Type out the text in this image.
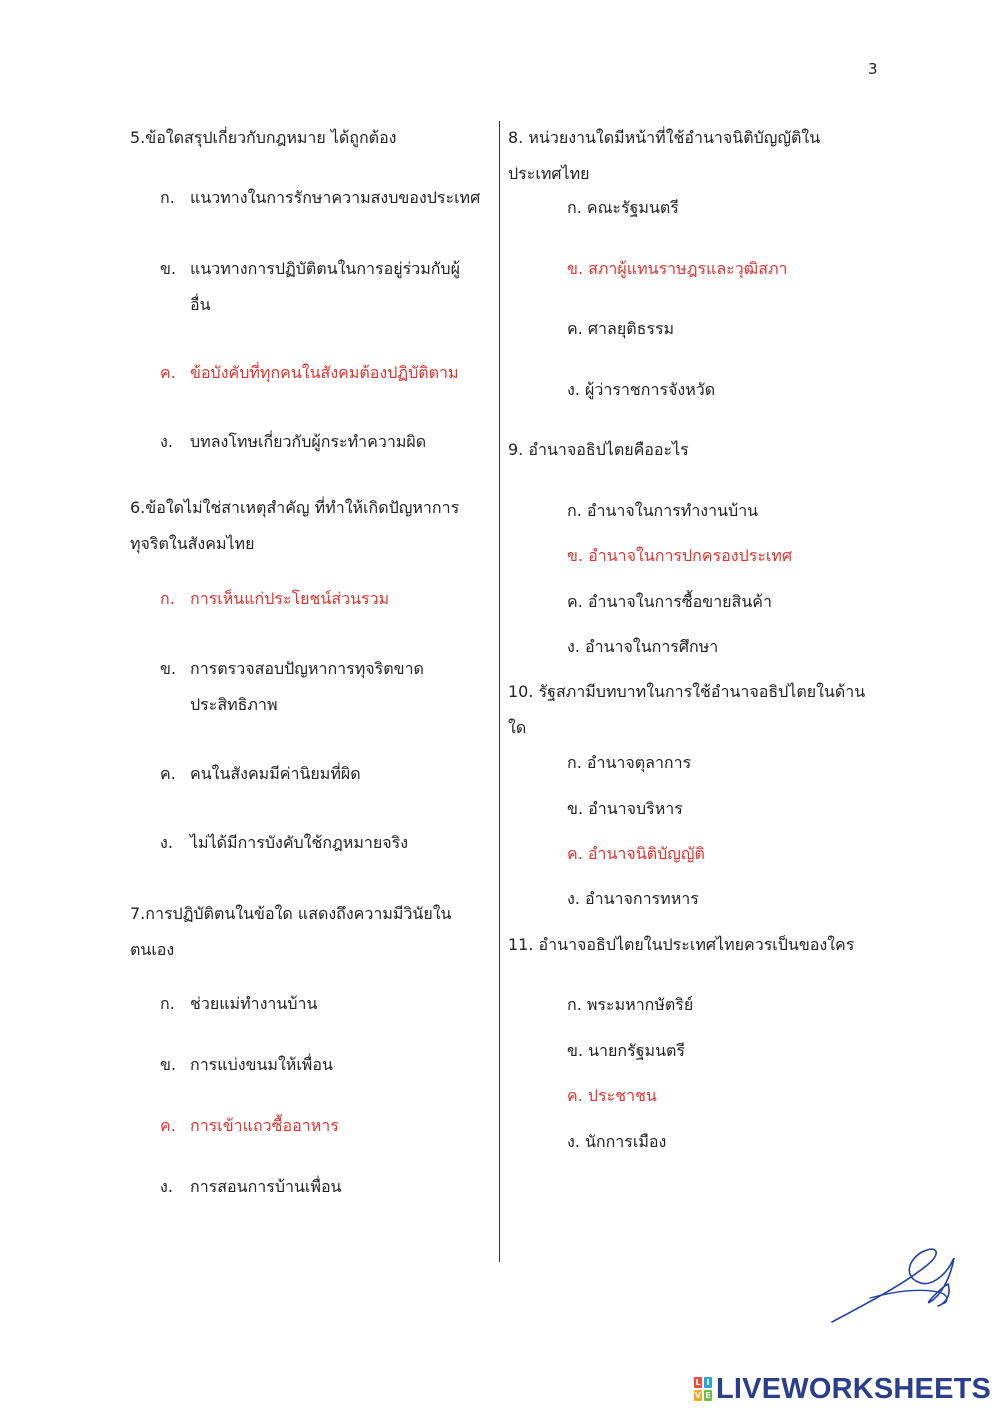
3
5.ข้อใดสรุปเกี่ยวกับกฎหมาย ได้ถูกต้อง
ก. แนวทางในการรักษาความสงบของประเทศ
ข. แนวทางการปฏิบัติตนในการอยู่ร่วมกับผู้อื่น
ค. ข้อบังคับที่ทุกคนในสังคมต้องปฏิบัติตาม
ง. บทลงโทษเกี่ยวกับผู้กระทำความผิด
6.ข้อใดไม่ใช่สาเหตุสำคัญ ที่ทำให้เกิดปัญหาการทุจริตในสังคมไทย
ก. การเห็นแก่ประโยชน์ส่วนรวม
ข. การตรวจสอบปัญหาการทุจริตขาดประสิทธิภาพ
ค. คนในสังคมมีค่านิยมที่ผิด
ง. ไม่ได้มีการบังคับใช้กฎหมายจริง
7.การปฏิบัติตนในข้อใด แสดงถึงความมีวินัยในตนเอง
ก. ช่วยแม่ทำงานบ้าน
ข. การแบ่งขนมให้เพื่อน
ค. การเข้าแถวซื้ออาหาร
ง. การสอนการบ้านเพื่อน
8. หน่วยงานใดมีหน้าที่ใช้อำนาจนิติบัญญัติในประเทศไทย
ก. คณะรัฐมนตรี
ข. สภาผู้แทนราษฎรและวุฒิสภา
ค. ศาลยุติธรรม
ง. ผู้ว่าราชการจังหวัด
9. อำนาจอธิปไตยคืออะไร
ก. อำนาจในการทำงานบ้าน
ข. อำนาจในการปกครองประเทศ
ค. อำนาจในการซื้อขายสินค้า
ง. อำนาจในการศึกษา
10. รัฐสภามีบทบาทในการใช้อำนาจอธิปไตยในด้านใด
ก. อำนาจตุลาการ
ข. อำนาจบริหาร
ค. อำนาจนิติบัญญัติ
ง. อำนาจการทหาร
11. อำนาจอธิปไตยในประเทศไทยควรเป็นของใคร
ก. พระมหากษัตริย์
ข. นายกรัฐมนตรี
ค. ประชาชน
ง. นักการเมือง
L I
V E LIVEWORKSHEETS
